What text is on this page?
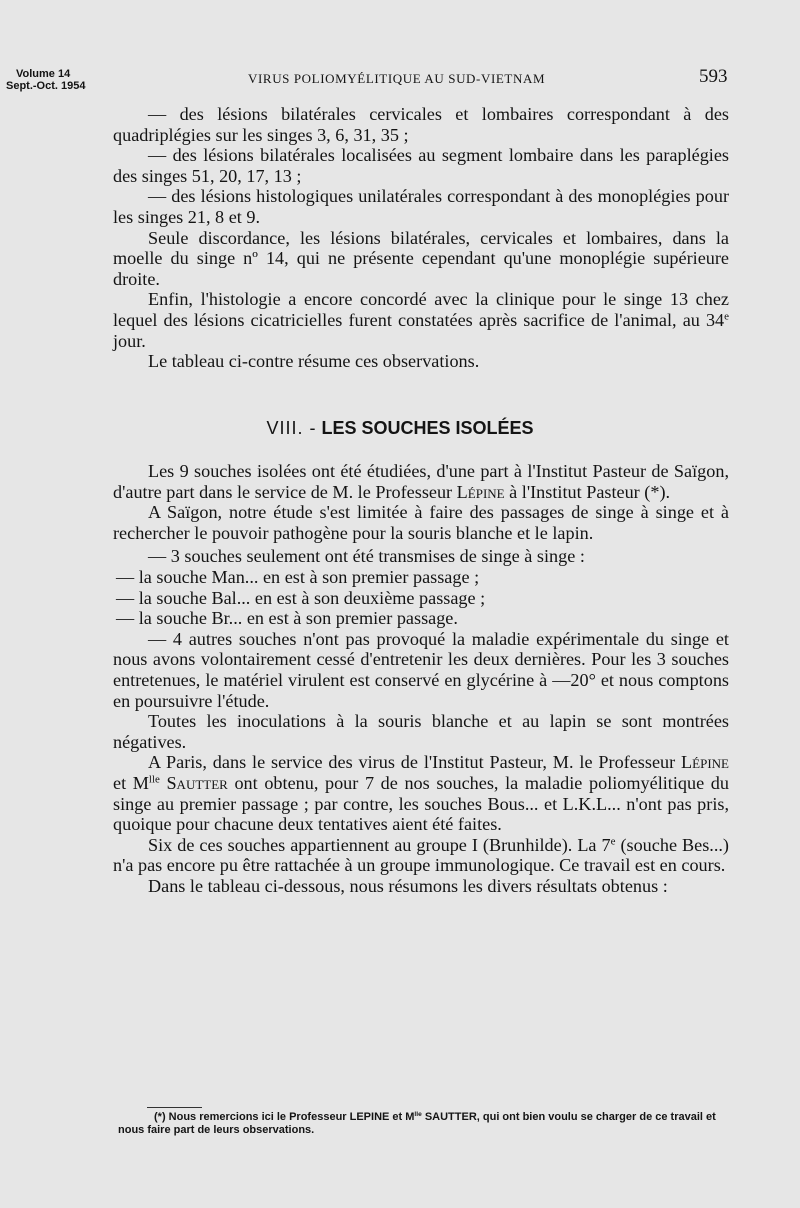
Volume 14
Sept.-Oct. 1954	VIRUS POLIOMYÉLITIQUE AU SUD-VIETNAM	593

— des lésions bilatérales cervicales et lombaires correspondant à des quadriplégies sur les singes 3, 6, 31, 35 ;

— des lésions bilatérales localisées au segment lombaire dans les paraplégies des singes 51, 20, 17, 13 ;

— des lésions histologiques unilatérales correspondant à des monoplégies pour les singes 21, 8 et 9.

Seule discordance, les lésions bilatérales, cervicales et lombaires, dans la moelle du singe nº 14, qui ne présente cependant qu'une monoplégie supérieure droite.

Enfin, l'histologie a encore concordé avec la clinique pour le singe 13 chez lequel des lésions cicatricielles furent constatées après sacrifice de l'animal, au 34e jour.

Le tableau ci-contre résume ces observations.

VIII. - LES SOUCHES ISOLÉES

Les 9 souches isolées ont été étudiées, d'une part à l'Institut Pasteur de Saïgon, d'autre part dans le service de M. le Professeur Lépine à l'Institut Pasteur (*).

A Saïgon, notre étude s'est limitée à faire des passages de singe à singe et à rechercher le pouvoir pathogène pour la souris blanche et le lapin.

— 3 souches seulement ont été transmises de singe à singe :

— la souche Man... en est à son premier passage ;

— la souche Bal... en est à son deuxième passage ;

— la souche Br... en est à son premier passage.

— 4 autres souches n'ont pas provoqué la maladie expérimentale du singe et nous avons volontairement cessé d'entretenir les deux dernières. Pour les 3 souches entretenues, le matériel virulent est conservé en glycérine à —20° et nous comptons en poursuivre l'étude.

Toutes les inoculations à la souris blanche et au lapin se sont montrées négatives.

A Paris, dans le service des virus de l'Institut Pasteur, M. le Professeur Lépine et $M^{lle}$ Sautter ont obtenu, pour 7 de nos souches, la maladie poliomyélitique du singe au premier passage ; par contre, les souches Bous... et L.K.L... n'ont pas pris, quoique pour chacune deux tentatives aient été faites.

Six de ces souches appartiennent au groupe I (Brunhilde). La 7e (souche Bes...) n'a pas encore pu être rattachée à un groupe immunologique. Ce travail est en cours.

Dans le tableau ci-dessous, nous résumons les divers résultats obtenus :

(*) Nous remercions ici le Professeur LEPINE et $M^{lle}$ SAUTTER, qui ont bien voulu se charger de ce travail et nous faire part de leurs observations.
